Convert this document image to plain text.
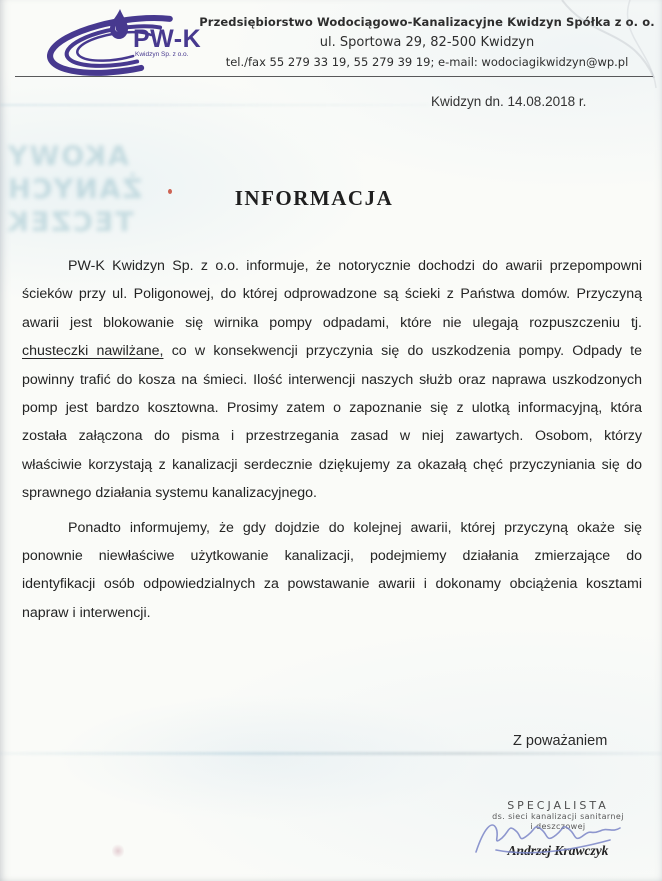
PW-K
Kwidzyn Sp. z o.o.
Przedsiębiorstwo Wodociągowo-Kanalizacyjne Kwidzyn Spółka z o. o.
ul. Sportowa 29, 82-500 Kwidzyn
tel./fax 55 279 33 19, 55 279 39 19; e-mail: wodociagikwidzyn@wp.pl
AKOWY
ŻANYCH
TECZEK
Kwidzyn dn. 14.08.2018 r.
INFORMACJA
PW-K Kwidzyn Sp. z o.o. informuje, że notorycznie dochodzi do awarii przepompowni
ścieków przy ul. Poligonowej, do której odprowadzone są ścieki z Państwa domów. Przyczyną
awarii jest blokowanie się wirnika pompy odpadami, które nie ulegają rozpuszczeniu tj.
chusteczki nawilżane, co w konsekwencji przyczynia się do uszkodzenia pompy. Odpady te
powinny trafić do kosza na śmieci. Ilość interwencji naszych służb oraz naprawa uszkodzonych
pomp jest bardzo kosztowna. Prosimy zatem o zapoznanie się z ulotką informacyjną, która
została załączona do pisma i przestrzegania zasad w niej zawartych. Osobom, którzy
właściwie korzystają z kanalizacji serdecznie dziękujemy za okazałą chęć przyczyniania się do
sprawnego działania systemu kanalizacyjnego.
Ponadto informujemy, że gdy dojdzie do kolejnej awarii, której przyczyną okaże się
ponownie niewłaściwe użytkowanie kanalizacji, podejmiemy działania zmierzające do
identyfikacji osób odpowiedzialnych za powstawanie awarii i dokonamy obciążenia kosztami
napraw i interwencji.
Z poważaniem
SPECJALISTA
ds. sieci kanalizacji sanitarnej
i deszczowej
Andrzej Krawczyk
